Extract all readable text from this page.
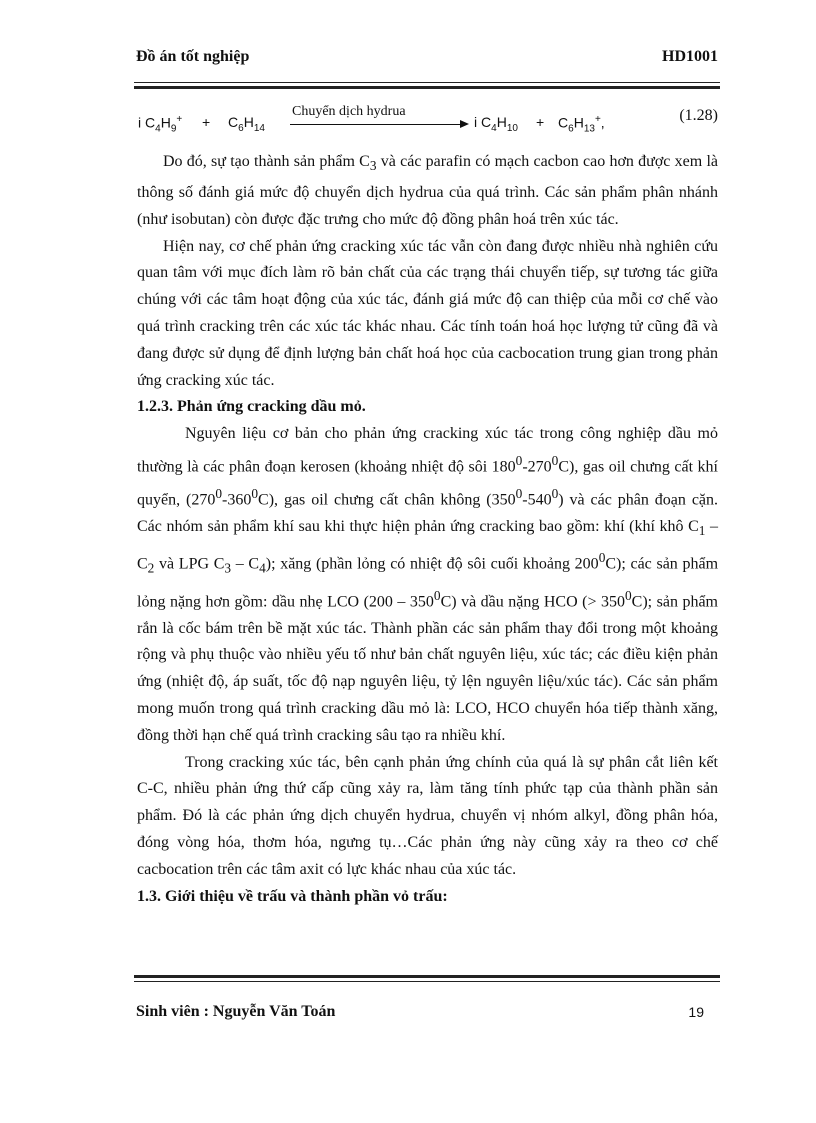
Đồ án tốt nghiệp	HD1001
i $C_4H_9^+ + C_6H_{14}$
Chuyển dịch hydrua
i $C_4H_{10} + C_6H_{13}^+$,	(1.28)

Do đó, sự tạo thành sản phẩm $C_3$ và các parafin có mạch cacbon cao hơn được xem là thông số đánh giá mức độ chuyển dịch hydrua của quá trình. Các sản phẩm phân nhánh (như isobutan) còn được đặc trưng cho mức độ đồng phân hoá trên xúc tác.

Hiện nay, cơ chế phản ứng cracking xúc tác vẫn còn đang được nhiều nhà nghiên cứu quan tâm với mục đích làm rõ bản chất của các trạng thái chuyển tiếp, sự tương tác giữa chúng với các tâm hoạt động của xúc tác, đánh giá mức độ can thiệp của mỗi cơ chế vào quá trình cracking trên các xúc tác khác nhau. Các tính toán hoá học lượng tử cũng đã và đang được sử dụng để định lượng bản chất hoá học của cacbocation trung gian trong phản ứng cracking xúc tác.

1.2.3. Phản ứng cracking dầu mỏ.

Nguyên liệu cơ bản cho phản ứng cracking xúc tác trong công nghiệp dầu mỏ thường là các phân đoạn kerosen (khoảng nhiệt độ sôi $180^0-270^0C$), gas oil chưng cất khí quyển, $(270^0-360^0C)$, gas oil chưng cất chân không $(350^0-540^0)$ và các phân đoạn cặn. Các nhóm sản phẩm khí sau khi thực hiện phản ứng cracking bao gồm: khí (khí khô $C_1 - C_2$ và LPG $C_3 - C_4$); xăng (phần lỏng có nhiệt độ sôi cuối khoảng $200^0C$); các sản phẩm lỏng nặng hơn gồm: dầu nhẹ LCO $(200 - 350^0C)$ và dầu nặng HCO (> $350^0C$); sản phẩm rắn là cốc bám trên bề mặt xúc tác. Thành phần các sản phẩm thay đổi trong một khoảng rộng và phụ thuộc vào nhiều yếu tố như bản chất nguyên liệu, xúc tác; các điều kiện phản ứng (nhiệt độ, áp suất, tốc độ nạp nguyên liệu, tỷ lện nguyên liệu/xúc tác). Các sản phẩm mong muốn trong quá trình cracking dầu mỏ là: LCO, HCO chuyển hóa tiếp thành xăng, đồng thời hạn chế quá trình cracking sâu tạo ra nhiều khí.

Trong cracking xúc tác, bên cạnh phản ứng chính của quá là sự phân cắt liên kết C-C, nhiều phản ứng thứ cấp cũng xảy ra, làm tăng tính phức tạp của thành phần sản phẩm. Đó là các phản ứng dịch chuyển hydrua, chuyển vị nhóm alkyl, đồng phân hóa, đóng vòng hóa, thơm hóa, ngưng tụ…Các phản ứng này cũng xảy ra theo cơ chế cacbocation trên các tâm axit có lực khác nhau của xúc tác.

1.3. Giới thiệu về trấu và thành phần vỏ trấu:
Sinh viên : Nguyễn Văn Toán	19
